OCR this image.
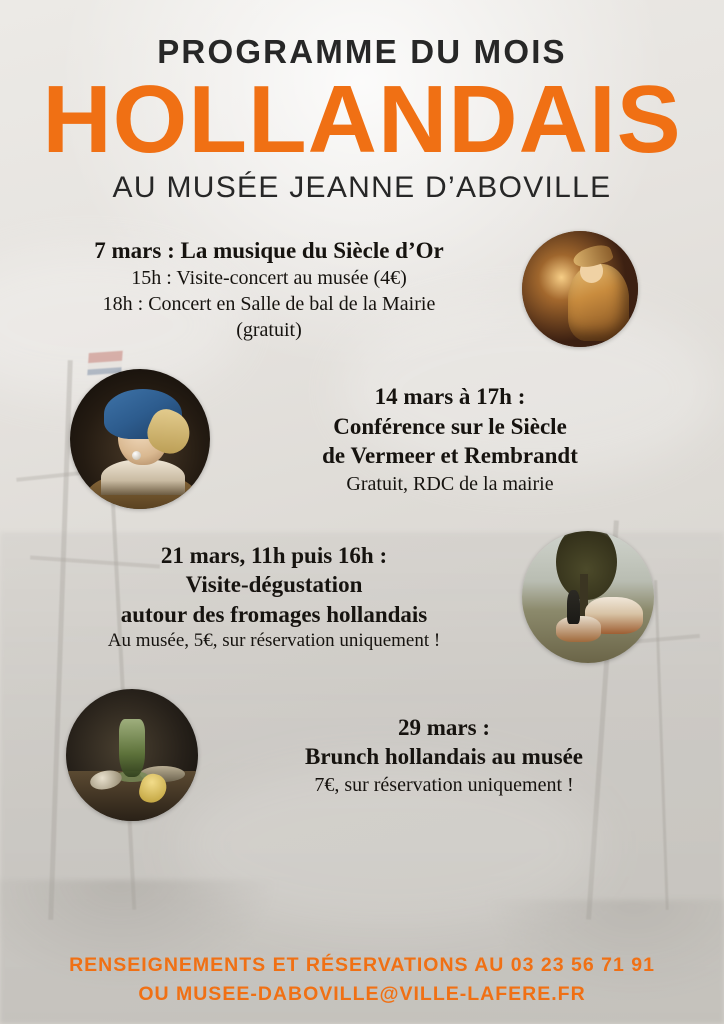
PROGRAMME DU MOIS
HOLLANDAIS
AU MUSÉE JEANNE D’ABOVILLE
7 mars : La musique du Siècle d’Or
15h : Visite-concert au musée (4€)
18h : Concert en Salle de bal de la Mairie
(gratuit)
14 mars à 17h :
Conférence sur le Siècle
de Vermeer et Rembrandt
Gratuit, RDC de la mairie
21 mars, 11h puis 16h :
Visite-dégustation
autour des fromages hollandais
Au musée, 5€, sur réservation uniquement !
29 mars :
Brunch hollandais au musée
7€, sur réservation uniquement !
RENSEIGNEMENTS ET RÉSERVATIONS AU 03 23 56 71 91
OU MUSEE-DABOVILLE@VILLE-LAFERE.FR
